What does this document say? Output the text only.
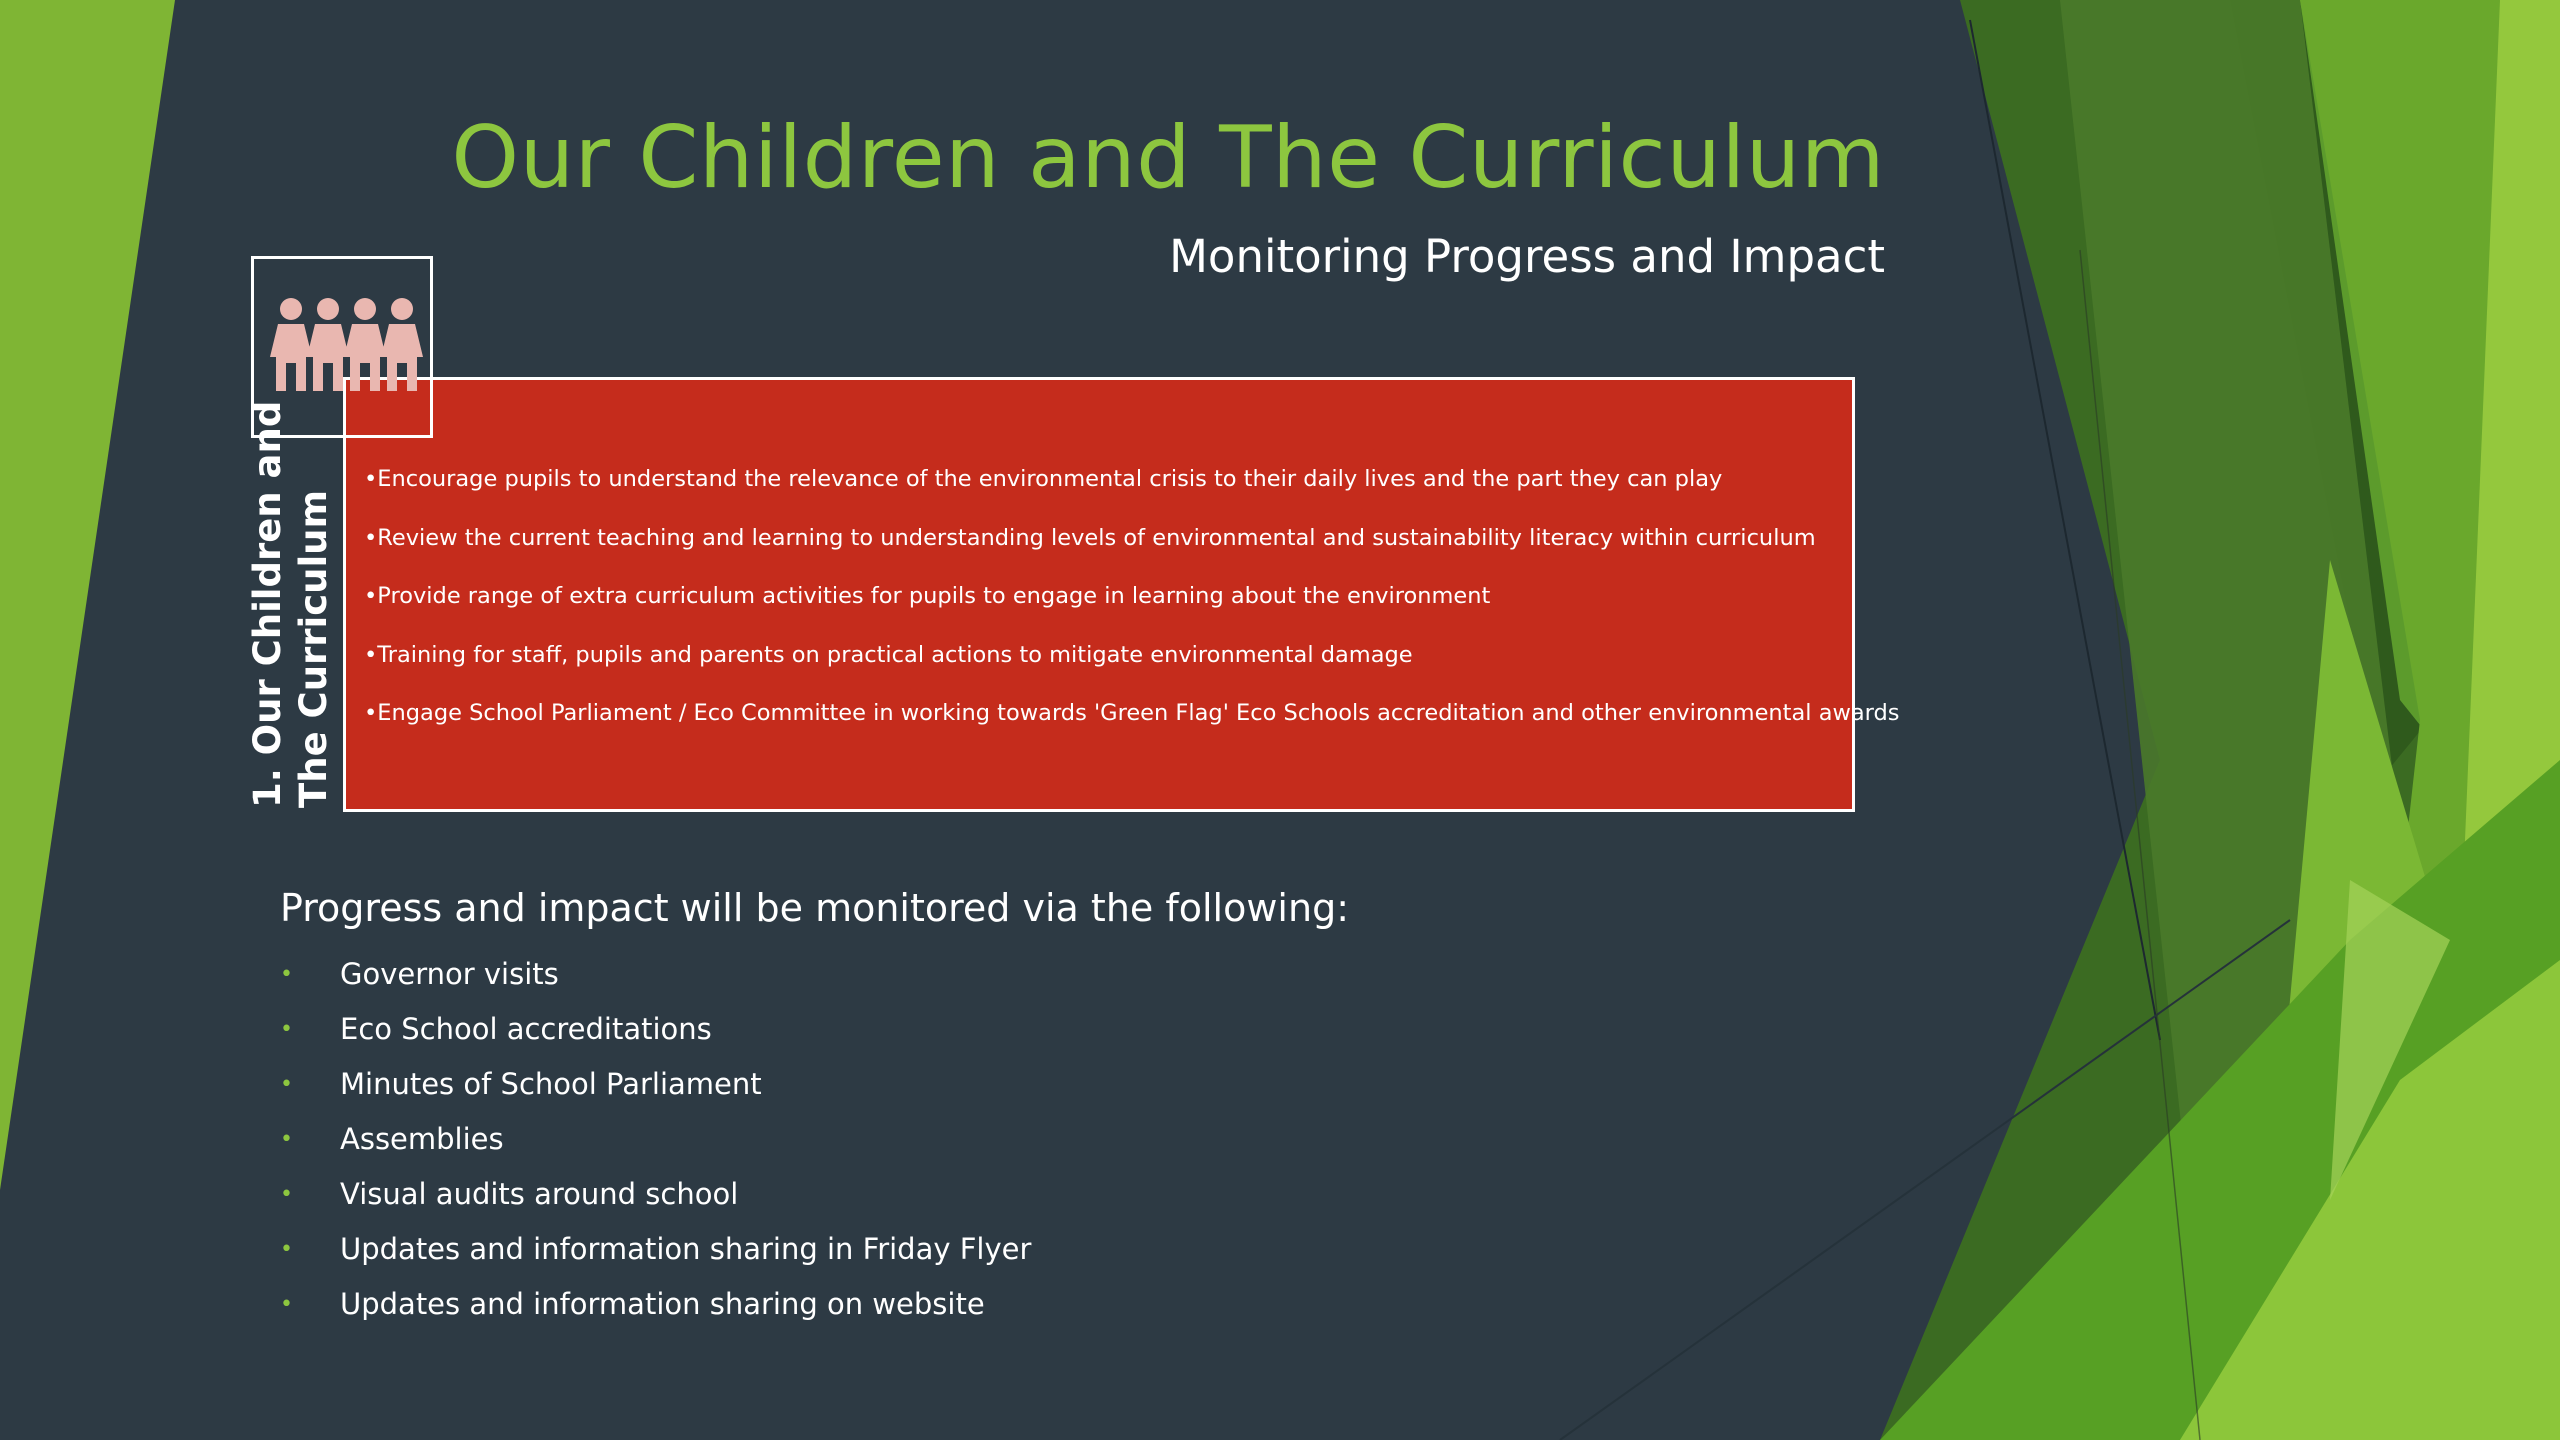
Our Children and The Curriculum
Monitoring Progress and Impact
•Encourage pupils to understand the relevance of the environmental crisis to their daily lives and the part they can play
•Review the current teaching and learning to understanding levels of environmental and sustainability literacy within curriculum
•Provide range of extra curriculum activities for pupils to engage in learning about the environment
•Training for staff, pupils and parents on practical actions to mitigate environmental damage
•Engage School Parliament / Eco Committee in working towards 'Green Flag' Eco Schools accreditation and other environmental awards
1. Our Children and The Curriculum
Progress and impact will be monitored via the following:
• Governor visits
• Eco School accreditations
• Minutes of School Parliament
• Assemblies
• Visual audits around school
• Updates and information sharing in Friday Flyer
• Updates and information sharing on website
